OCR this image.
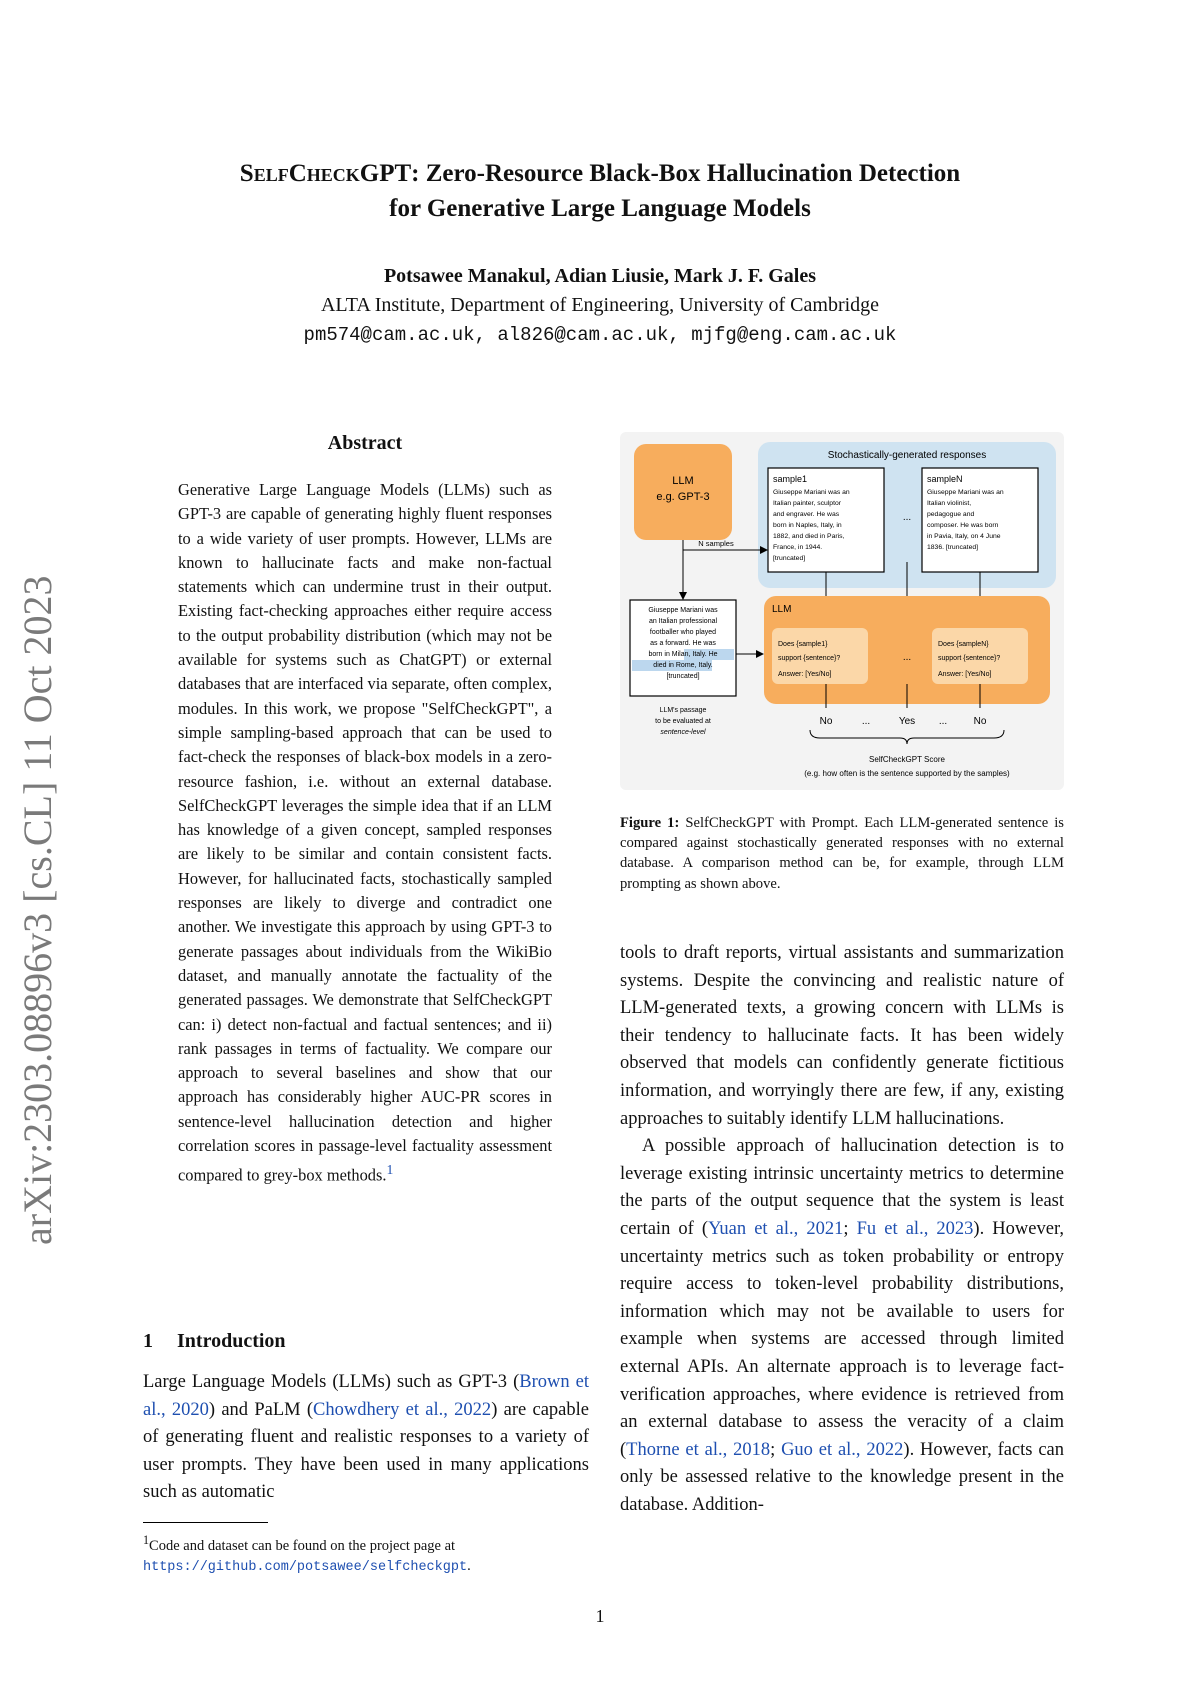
SelfCheckGPT: Zero-Resource Black-Box Hallucination Detection
for Generative Large Language Models
Potsawee Manakul, Adian Liusie, Mark J. F. Gales
ALTA Institute, Department of Engineering, University of Cambridge
pm574@cam.ac.uk, al826@cam.ac.uk, mjfg@eng.cam.ac.uk
arXiv:2303.08896v3 [cs.CL] 11 Oct 2023
Abstract
Generative Large Language Models (LLMs) such as GPT-3 are capable of generating highly fluent responses to a wide variety of user prompts. However, LLMs are known to hallucinate facts and make non-factual statements which can undermine trust in their output. Existing fact-checking approaches either require access to the output probability distribution (which may not be available for systems such as ChatGPT) or external databases that are interfaced via separate, often complex, modules. In this work, we propose "SelfCheckGPT", a simple sampling-based approach that can be used to fact-check the responses of black-box models in a zero-resource fashion, i.e. without an external database. SelfCheckGPT leverages the simple idea that if an LLM has knowledge of a given concept, sampled responses are likely to be similar and contain consistent facts. However, for hallucinated facts, stochastically sampled responses are likely to diverge and contradict one another. We investigate this approach by using GPT-3 to generate passages about individuals from the WikiBio dataset, and manually annotate the factuality of the generated passages. We demonstrate that SelfCheckGPT can: i) detect non-factual and factual sentences; and ii) rank passages in terms of factuality. We compare our approach to several baselines and show that our approach has considerably higher AUC-PR scores in sentence-level hallucination detection and higher correlation scores in passage-level factuality assessment compared to grey-box methods.$^1$
1 Introduction
Large Language Models (LLMs) such as GPT-3 (Brown et al., 2020) and PaLM (Chowdhery et al., 2022) are capable of generating fluent and realistic responses to a variety of user prompts. They have been used in many applications such as automatic
$^1$Code and dataset can be found on the project page at https://github.com/potsawee/selfcheckgpt.
Stochastically-generated responses
LLM
e.g. GPT-3
N samples
sample1
Giuseppe Mariani was an
Italian painter, sculptor
and engraver. He was
born in Naples, Italy, in
1882, and died in Paris,
France, in 1944.
[truncated]
...
sampleN
Giuseppe Mariani was an
Italian violinist,
pedagogue and
composer. He was born
in Pavia, Italy, on 4 June
1836. [truncated]
Giuseppe Mariani was
an Italian professional
footballer who played
as a forward. He was
born in Milan, Italy. He
died in Rome, Italy.
[truncated]
LLM's passage
to be evaluated at
sentence-level
LLM
Does {sample1}
support {sentence}?
Answer: [Yes/No]
...
Does {sampleN}
support {sentence}?
Answer: [Yes/No]
No	...	Yes ...	No
SelfCheckGPT Score
(e.g. how often is the sentence supported by the samples)
Figure 1: SelfCheckGPT with Prompt. Each LLM-generated sentence is compared against stochastically generated responses with no external database. A comparison method can be, for example, through LLM prompting as shown above.

tools to draft reports, virtual assistants and summarization systems. Despite the convincing and realistic nature of LLM-generated texts, a growing concern with LLMs is their tendency to hallucinate facts. It has been widely observed that models can confidently generate fictitious information, and worryingly there are few, if any, existing approaches to suitably identify LLM hallucinations.

A possible approach of hallucination detection is to leverage existing intrinsic uncertainty metrics to determine the parts of the output sequence that the system is least certain of (Yuan et al., 2021; Fu et al., 2023). However, uncertainty metrics such as token probability or entropy require access to token-level probability distributions, information which may not be available to users for example when systems are accessed through limited external APIs. An alternate approach is to leverage fact-verification approaches, where evidence is retrieved from an external database to assess the veracity of a claim (Thorne et al., 2018; Guo et al., 2022). However, facts can only be assessed relative to the knowledge present in the database. Addition-

1
